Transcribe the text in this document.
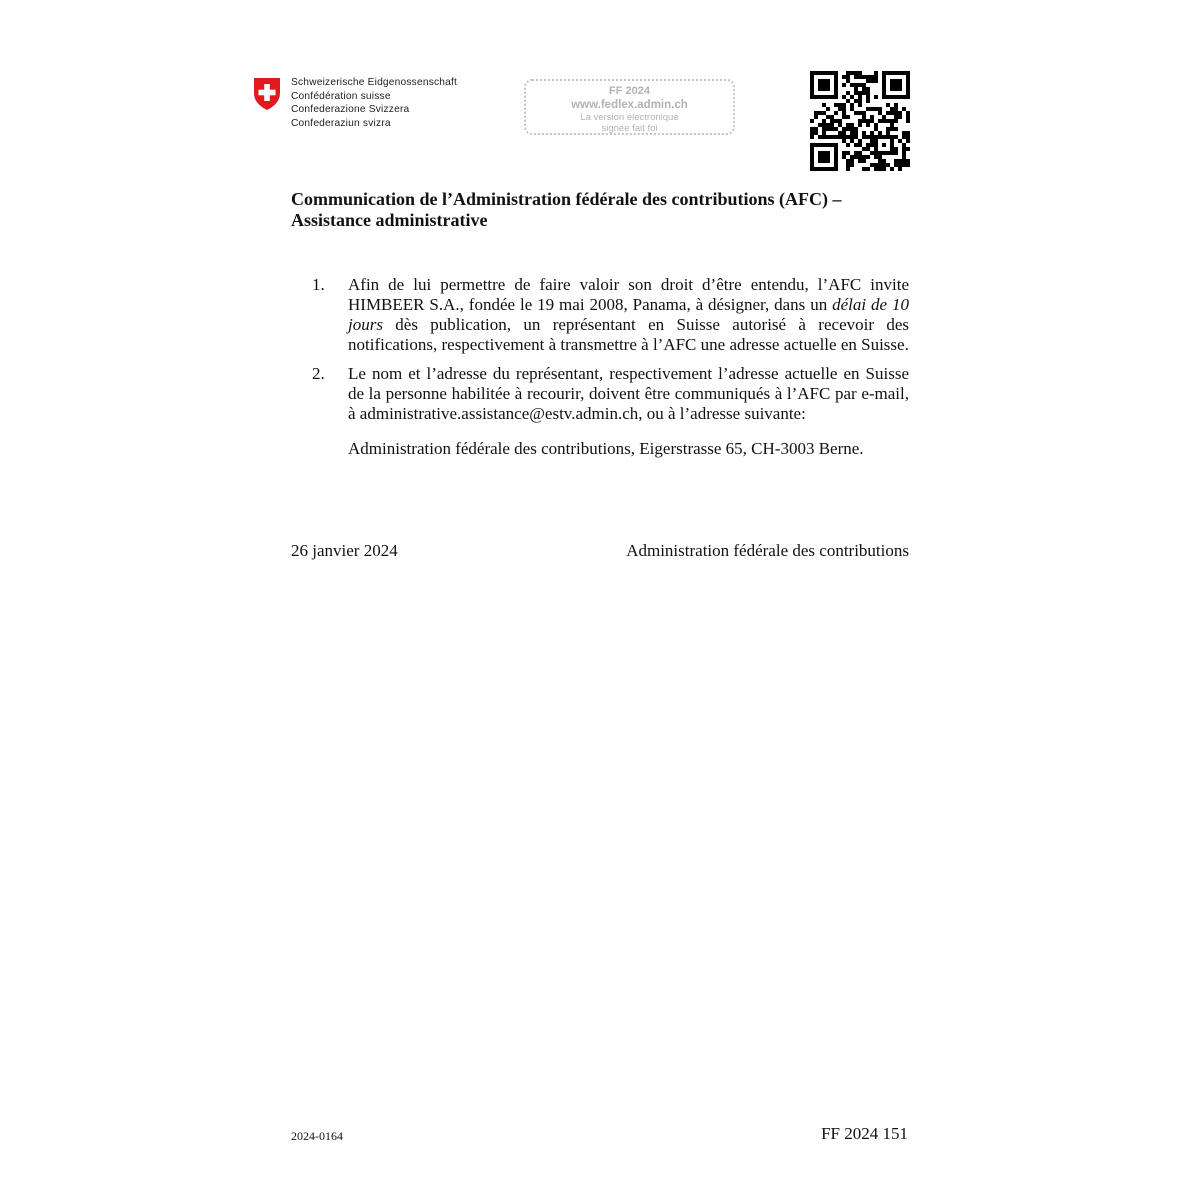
Schweizerische Eidgenossenschaft
Confédération suisse
Confederazione Svizzera
Confederaziun svizra
FF 2024
www.fedlex.admin.ch
La version électronique
signée fait foi
Communication de l’Administration fédérale des contributions (AFC) –
Assistance administrative
1.	Afin de lui permettre de faire valoir son droit d’être entendu, l’AFC invite HIMBEER S.A., fondée le 19 mai 2008, Panama, à désigner, dans un délai de 10 jours dès publication, un représentant en Suisse autorisé à recevoir des notifications, respectivement à transmettre à l’AFC une adresse actuelle en Suisse.
2.	Le nom et l’adresse du représentant, respectivement l’adresse actuelle en Suisse de la personne habilitée à recourir, doivent être communiqués à l’AFC par e-mail, à administrative.assistance@estv.admin.ch, ou à l’adresse suivante:
Administration fédérale des contributions, Eigerstrasse 65, CH-3003 Berne.
26 janvier 2024	Administration fédérale des contributions
2024-0164	FF 2024 151
